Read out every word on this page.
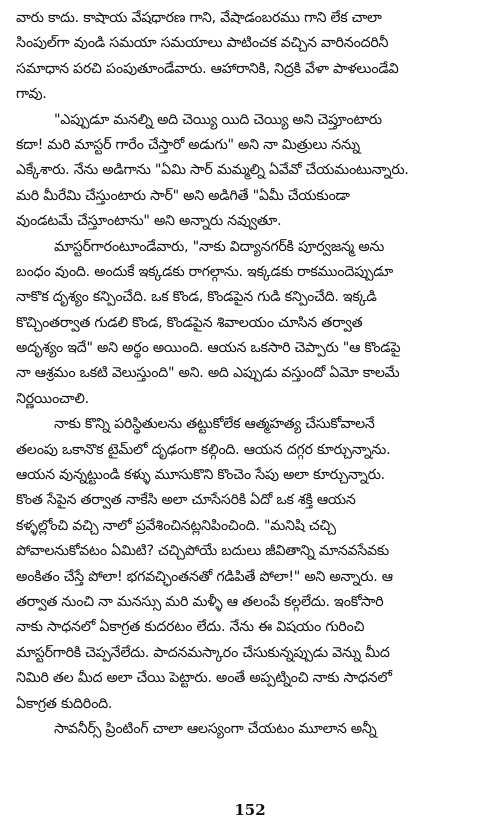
వారు కాదు. కాషాయ వేషధారణ గాని, వేషాడంబరము గాని లేక చాలా
సింపుల్‌గా వుండి సమయా సమయాలు పాటించక వచ్చిన వారినందరినీ
సమాధాన పరచి పంపుతూండేవారు. ఆహారానికి, నిద్రకి వేళా పాళలుండేవి
గావు.
"ఎప్పుడూ మనల్ని అది చెయ్యి యిది చెయ్యి అని చెప్తూంటారు
కదా! మరి మాస్టర్ గారేం చేస్తారో అడుగు" అని నా మిత్రులు నన్ను
ఎక్కేశారు. నేను అడిగాను "ఏమి సార్ మమ్మల్ని ఏవేవో చేయమంటున్నారు.
మరి మీరేమి చేస్తుంటారు సార్" అని అడిగితే "ఏమీ చేయకుండా
వుండటమే చేస్తూంటాను" అని అన్నారు నవ్వుతూ.
మాస్టర్‌గారంటూండేవారు, "నాకు విద్యానగర్‌కి పూర్వజన్మ అను
బంధం వుంది. అందుకే ఇక్కడకు రాగల్గాను. ఇక్కడకు రాకముందెప్పుడూ
నాకొక దృశ్యం కన్పించేది. ఒక కొండ, కొండపైన గుడి కన్పించేది. ఇక్కడి
కొచ్చింతర్వాత గుడలి కొండ, కొండపైన శివాలయం చూసిన తర్వాత
అదృశ్యం ఇదే" అని అర్థం అయింది. ఆయన ఒకసారి చెప్పారు "ఆ కొండపై
నా ఆశ్రమం ఒకటి వెలుస్తుంది" అని. అది ఎప్పుడు వస్తుందో ఏమో కాలమే
నిర్ణయించాలి.
నాకు కొన్ని పరిస్థితులను తట్టుకోలేక ఆత్మహత్య చేసుకోవాలనే
తలంపు ఒకానొక టైమ్‌లో దృఢంగా కల్గింది. ఆయన దగ్గర కూర్చున్నాను.
ఆయన వున్నట్టుండి కళ్ళు మూసుకొని కొంచెం సేపు అలా కూర్చున్నారు.
కొంత సేపైన తర్వాత నాకేసి అలా చూసేసరికి ఏదో ఒక శక్తి ఆయన
కళ్ళల్లోంచి వచ్చి నాలో ప్రవేశించినట్లనిపించింది. "మనిషి చచ్చి
పోవాలనుకోవటం ఏమిటి? చచ్చిపోయే బదులు జీవితాన్ని మానవసేవకు
అంకితం చేస్తే పోలా! భగవచ్ఛింతనతో గడిపితే పోలా!" అని అన్నారు. ఆ
తర్వాత నుంచి నా మనస్సు మరి మళ్ళీ ఆ తలంపే కల్గలేదు. ఇంకోసారి
నాకు సాధనలో ఏకాగ్రత కుదరటం లేదు. నేను ఈ విషయం గురించి
మాస్టర్‌గారికి చెప్పనేలేదు. పాదనమస్కారం చేసుకున్నప్పుడు వెన్ను మీద
నిమిరి తల మీద అలా చేయి పెట్టారు. అంతే అప్పట్నించి నాకు సాధనలో
ఏకాగ్రత కుదిరింది.
సావనీర్స్ ప్రింటింగ్ చాలా ఆలస్యంగా చేయటం మూలాన అన్నీ
152
